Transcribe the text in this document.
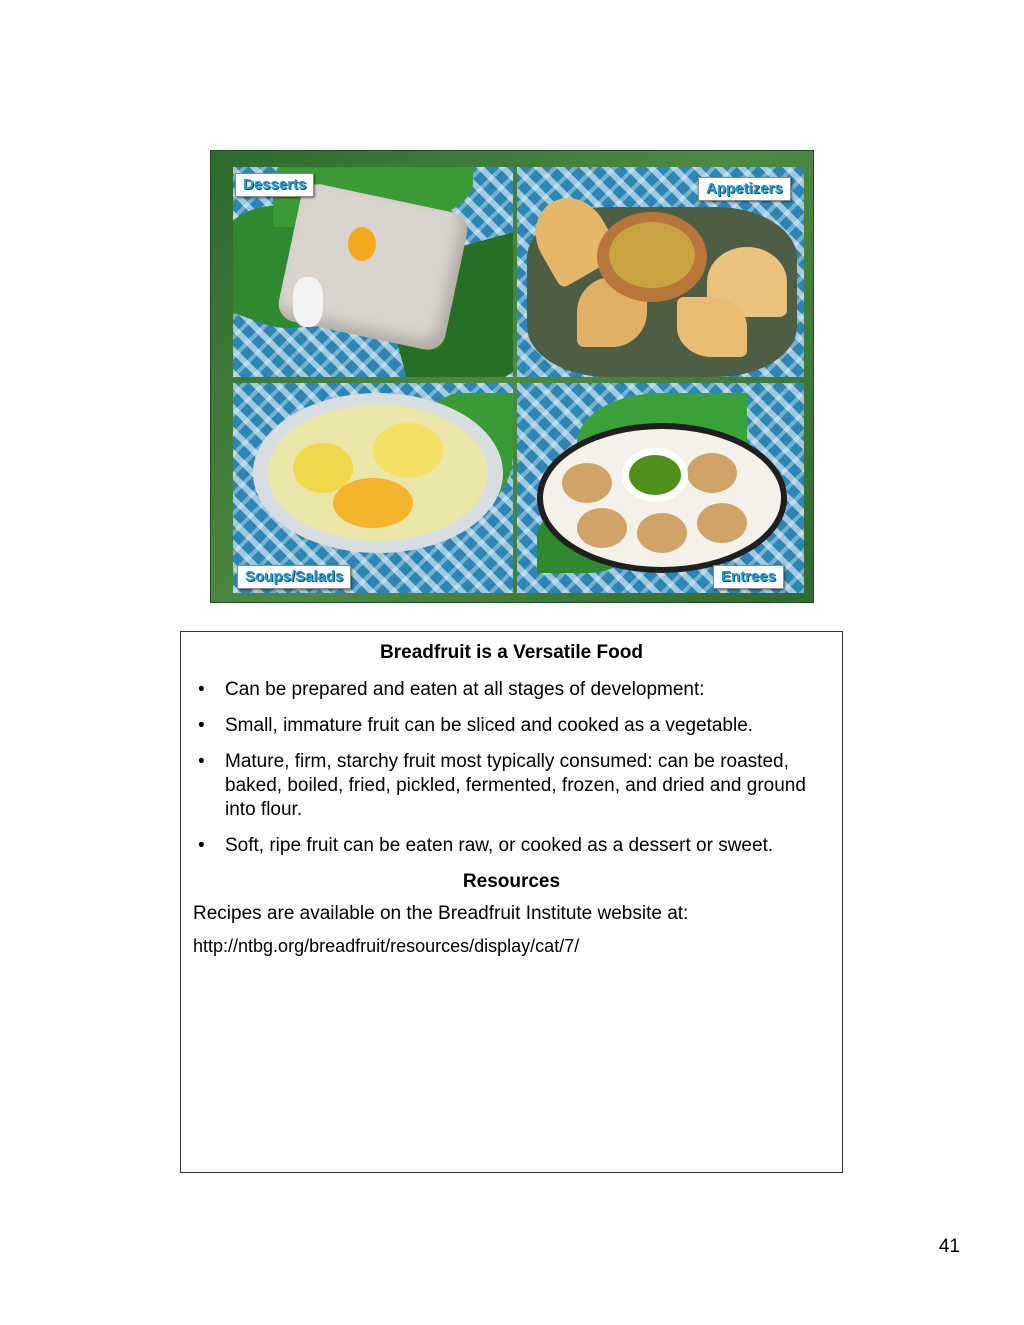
Desserts	Appetizers
Soups/Salads	Entrees
Breadfruit is a Versatile Food
• Can be prepared and eaten at all stages of development:
• Small, immature fruit can be sliced and cooked as a vegetable.
• Mature, firm, starchy fruit most typically consumed: can be roasted, baked, boiled, fried, pickled, fermented, frozen, and dried and ground into flour.
• Soft, ripe fruit can be eaten raw, or cooked as a dessert or sweet.
Resources
Recipes are available on the Breadfruit Institute website at:
http://ntbg.org/breadfruit/resources/display/cat/7/
41
